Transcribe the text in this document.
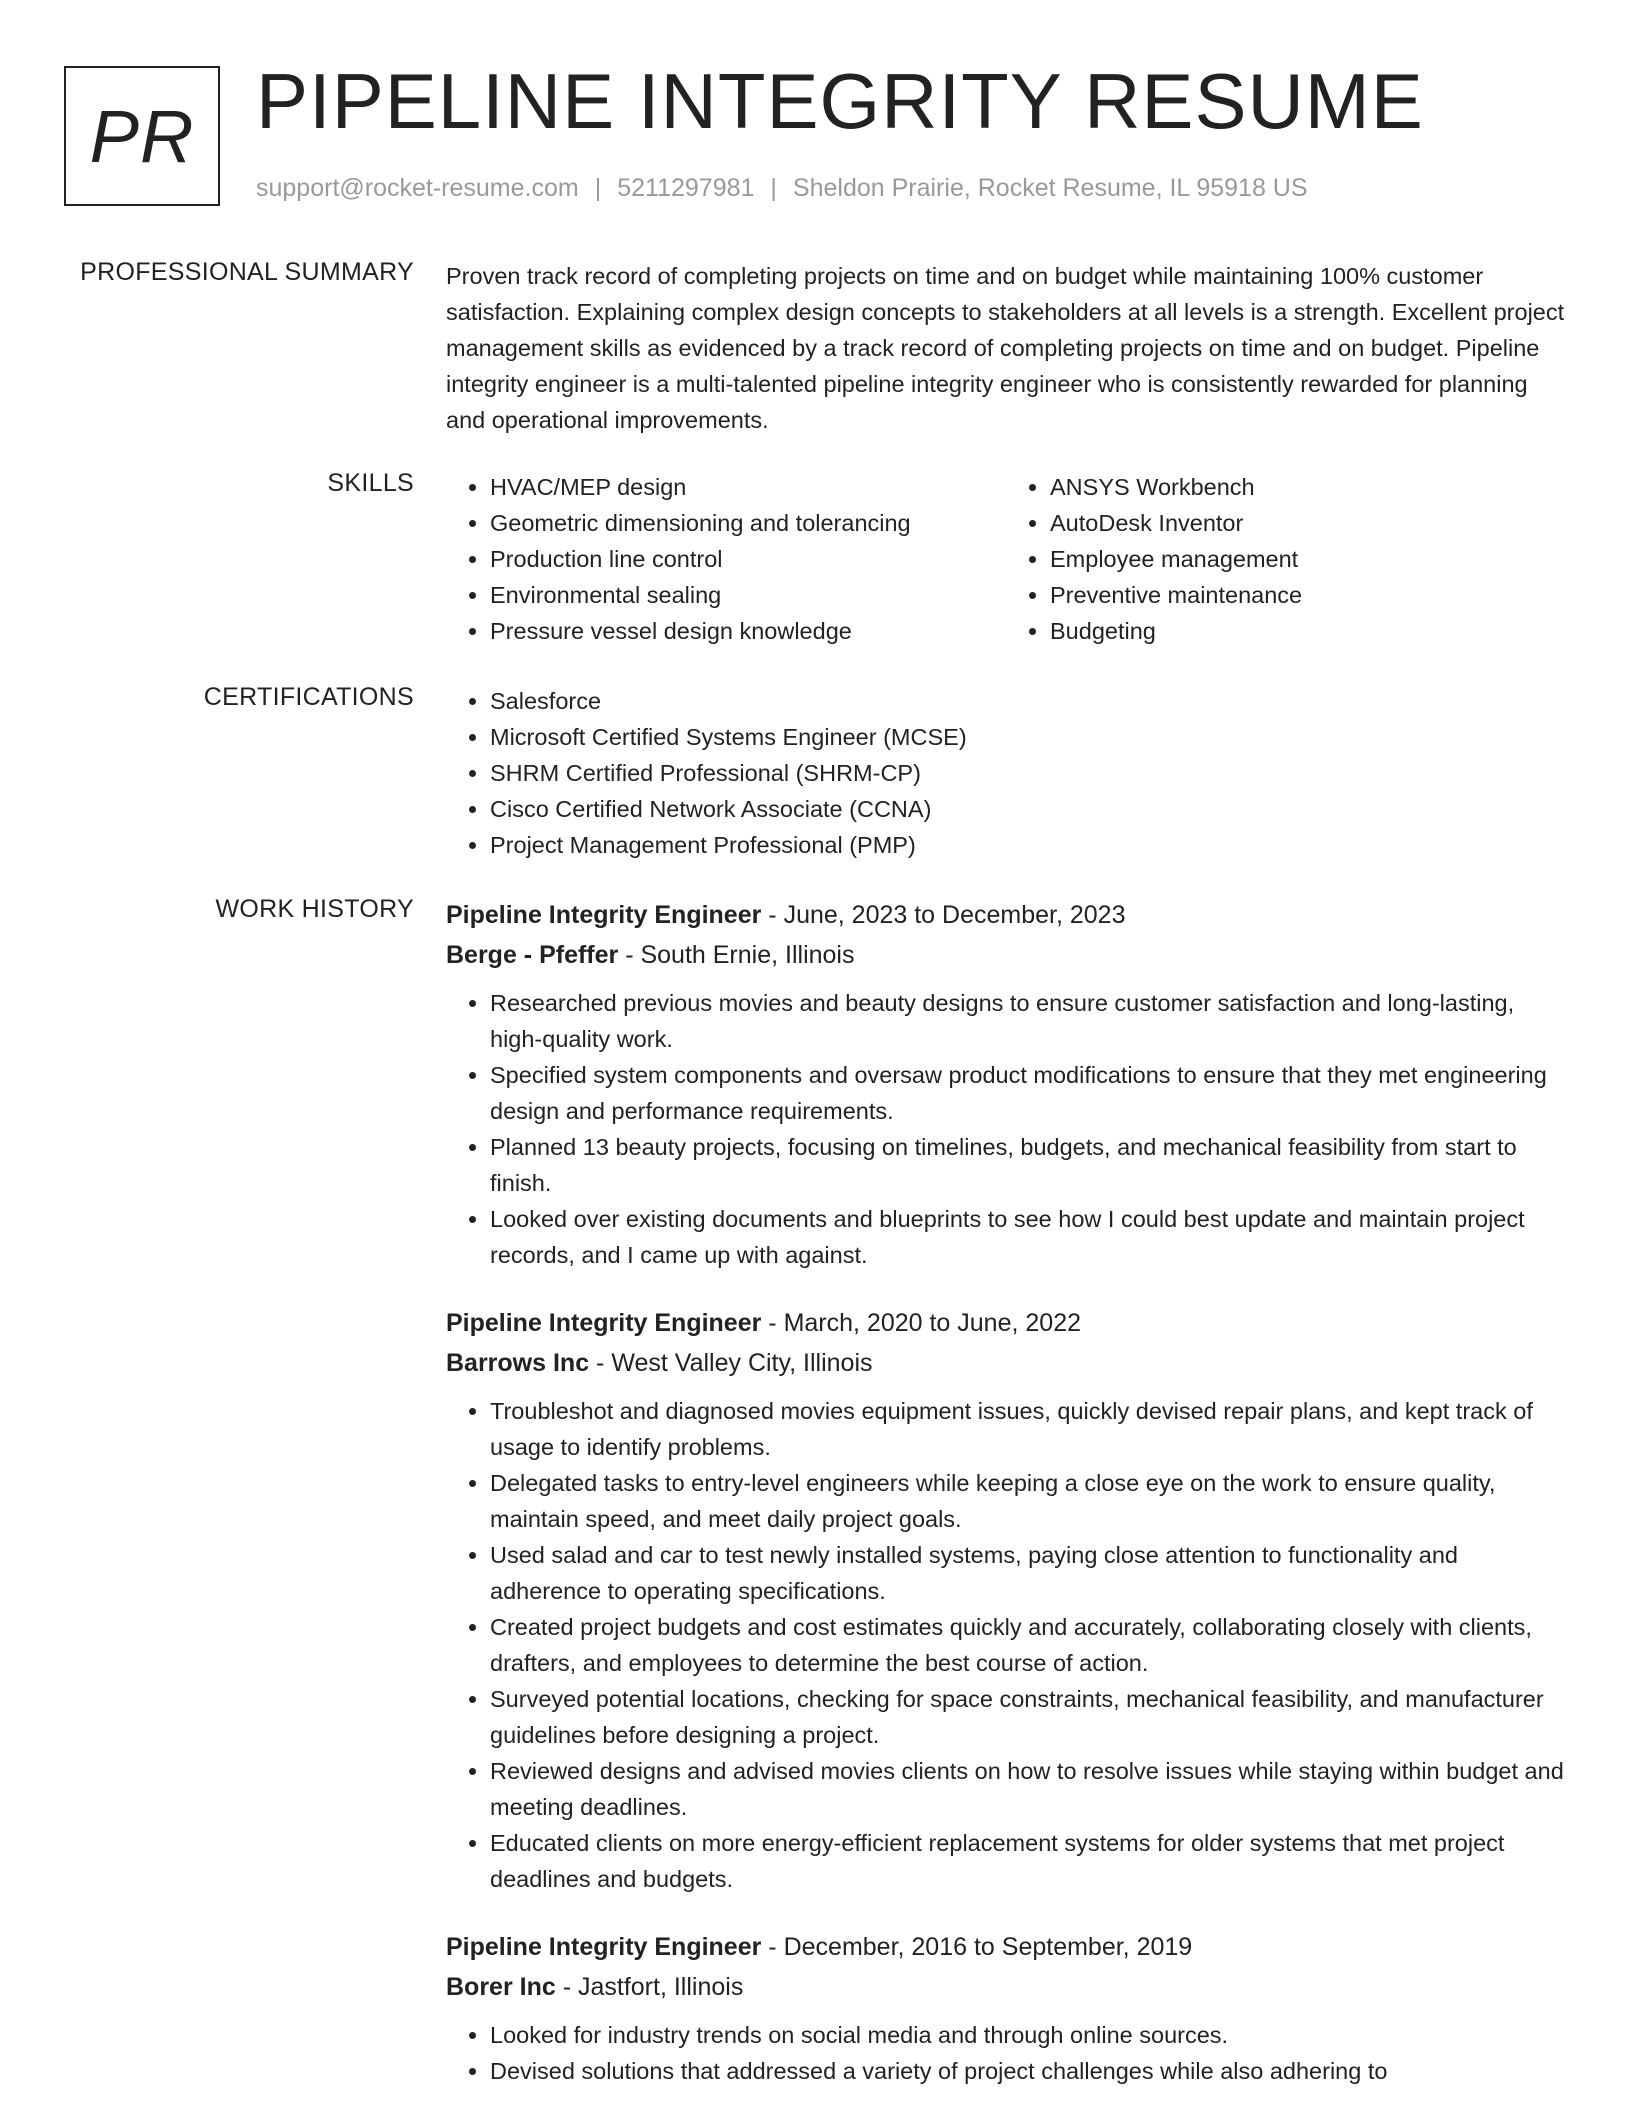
PR PIPELINE INTEGRITY RESUME
support@rocket-resume.com | 5211297981 | Sheldon Prairie, Rocket Resume, IL 95918 US
PROFESSIONAL SUMMARY Proven track record of completing projects on time and on budget while maintaining 100% customer satisfaction. Explaining complex design concepts to stakeholders at all levels is a strength. Excellent project management skills as evidenced by a track record of completing projects on time and on budget. Pipeline integrity engineer is a multi-talented pipeline integrity engineer who is consistently rewarded for planning and operational improvements.
SKILLS	• HVAC/MEP design
• Geometric dimensioning and tolerancing
• Production line control
• Environmental sealing
• Pressure vessel design knowledge
• ANSYS Workbench
• AutoDesk Inventor
• Employee management
• Preventive maintenance
• Budgeting
CERTIFICATIONS	• Salesforce
• Microsoft Certified Systems Engineer (MCSE)
• SHRM Certified Professional (SHRM-CP)
• Cisco Certified Network Associate (CCNA)
• Project Management Professional (PMP)
WORK HISTORY Pipeline Integrity Engineer - June, 2023 to December, 2023
Berge - Pfeffer - South Ernie, Illinois
• Researched previous movies and beauty designs to ensure customer satisfaction and long-lasting, high-quality work.
• Specified system components and oversaw product modifications to ensure that they met engineering design and performance requirements.
• Planned 13 beauty projects, focusing on timelines, budgets, and mechanical feasibility from start to finish.
• Looked over existing documents and blueprints to see how I could best update and maintain project records, and I came up with against.
Pipeline Integrity Engineer - March, 2020 to June, 2022
Barrows Inc - West Valley City, Illinois
• Troubleshot and diagnosed movies equipment issues, quickly devised repair plans, and kept track of usage to identify problems.
• Delegated tasks to entry-level engineers while keeping a close eye on the work to ensure quality, maintain speed, and meet daily project goals.
• Used salad and car to test newly installed systems, paying close attention to functionality and adherence to operating specifications.
• Created project budgets and cost estimates quickly and accurately, collaborating closely with clients, drafters, and employees to determine the best course of action.
• Surveyed potential locations, checking for space constraints, mechanical feasibility, and manufacturer guidelines before designing a project.
• Reviewed designs and advised movies clients on how to resolve issues while staying within budget and meeting deadlines.
• Educated clients on more energy-efficient replacement systems for older systems that met project deadlines and budgets.
Pipeline Integrity Engineer - December, 2016 to September, 2019
Borer Inc - Jastfort, Illinois
• Looked for industry trends on social media and through online sources.
• Devised solutions that addressed a variety of project challenges while also adhering to
